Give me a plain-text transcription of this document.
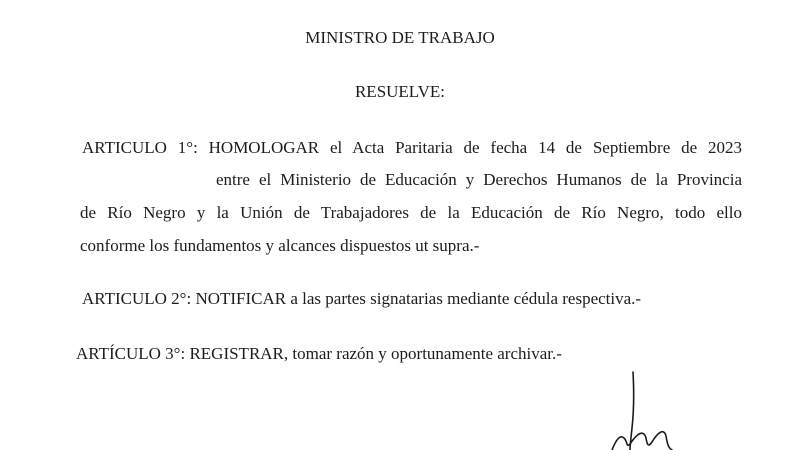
MINISTRO DE TRABAJO
RESUELVE:
ARTICULO 1°: HOMOLOGAR el Acta Paritaria de fecha 14 de Septiembre de 2023
entre el Ministerio de Educación y Derechos Humanos de la Provincia
de Río Negro y la Unión de Trabajadores de la Educación de Río Negro, todo ello
conforme los fundamentos y alcances dispuestos ut supra.-
ARTICULO 2°: NOTIFICAR a las partes signatarias mediante cédula respectiva.-
ARTÍCULO 3°: REGISTRAR, tomar razón y oportunamente archivar.-
